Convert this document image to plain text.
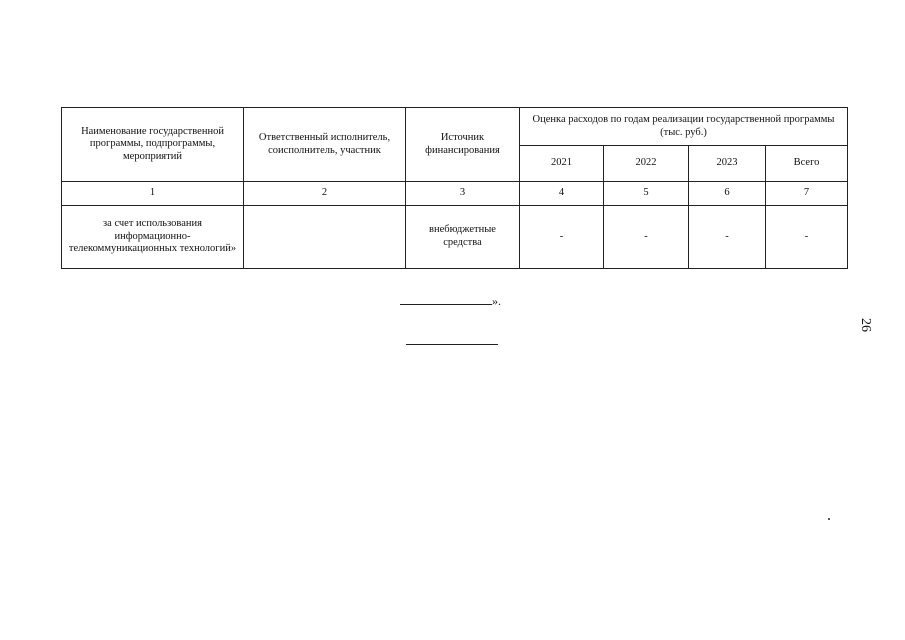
Наименование государственной программы, подпрограммы, мероприятий	Ответственный исполнитель, соисполнитель, участник	Источник финансирования	Оценка расходов по годам реализации государственной программы (тыс. руб.)			
			2021	2022	2023	Всего
1	2	3	4	5	6	7
за счет использования информационно-телекоммуникационных технологий»		внебюджетные средства	-	-	-	-
».
26
